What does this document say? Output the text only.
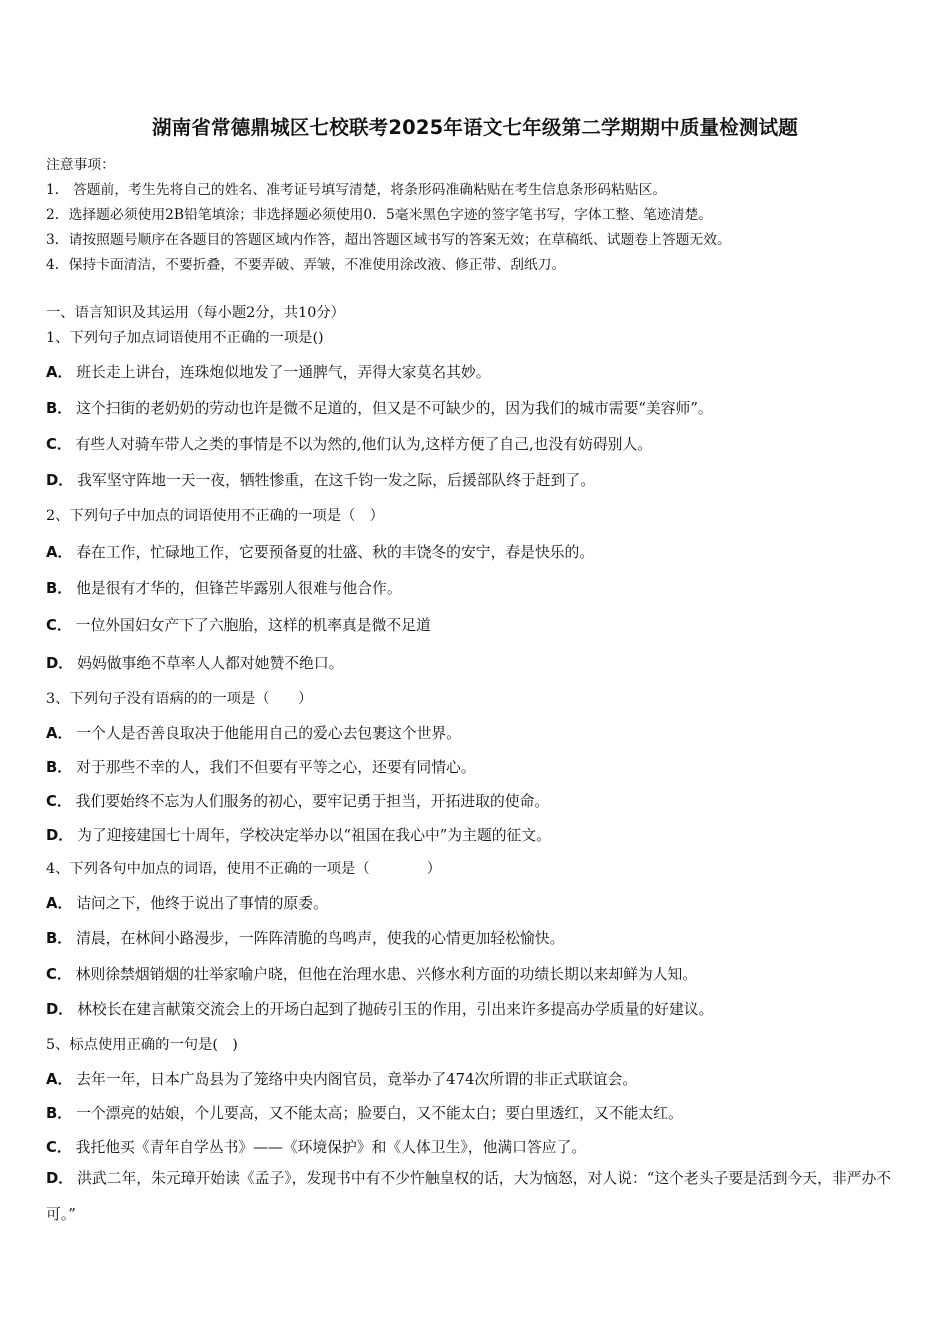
湖南省常德鼎城区七校联考2025年语文七年级第二学期期中质量检测试题
注意事项：
1． 答题前，考生先将自己的姓名、准考证号填写清楚，将条形码准确粘贴在考生信息条形码粘贴区。
2．选择题必须使用2B铅笔填涂；非选择题必须使用0．5毫米黑色字迹的签字笔书写，字体工整、笔迹清楚。
3．请按照题号顺序在各题目的答题区域内作答，超出答题区域书写的答案无效；在草稿纸、试题卷上答题无效。
4．保持卡面清洁，不要折叠，不要弄破、弄皱，不准使用涂改液、修正带、刮纸刀。
一、语言知识及其运用（每小题2分，共10分）
1、下列句子加点词语使用不正确的一项是()
A． 班长走上讲台，连珠炮似地发了一通脾气，弄得大家莫名其妙。
B． 这个扫街的老奶奶的劳动也许是微不足道的，但又是不可缺少的，因为我们的城市需要“美容师”。
C． 有些人对骑车带人之类的事情是不以为然的,他们认为,这样方便了自己,也没有妨碍别人。
D． 我军坚守阵地一天一夜，牺牲惨重，在这千钧一发之际，后援部队终于赶到了。
2、下列句子中加点的词语使用不正确的一项是（　）
A． 春在工作，忙碌地工作，它要预备夏的壮盛、秋的丰饶冬的安宁，春是快乐的。
B． 他是很有才华的，但锋芒毕露别人很难与他合作。
C． 一位外国妇女产下了六胞胎，这样的机率真是微不足道
D． 妈妈做事绝不草率人人都对她赞不绝口。
3、下列句子没有语病的的一项是（　　）
A． 一个人是否善良取决于他能用自己的爱心去包裹这个世界。
B． 对于那些不幸的人，我们不但要有平等之心，还要有同情心。
C． 我们要始终不忘为人们服务的初心，要牢记勇于担当，开拓进取的使命。
D． 为了迎接建国七十周年，学校决定举办以“祖国在我心中”为主题的征文。
4、下列各句中加点的词语，使用不正确的一项是（　　　　）
A． 诘问之下，他终于说出了事情的原委。
B． 清晨，在林间小路漫步，一阵阵清脆的鸟鸣声，使我的心情更加轻松愉快。
C． 林则徐禁烟销烟的壮举家喻户晓，但他在治理水患、兴修水利方面的功绩长期以来却鲜为人知。
D． 林校长在建言献策交流会上的开场白起到了抛砖引玉的作用，引出来许多提高办学质量的好建议。
5、标点使用正确的一句是(　)
A． 去年一年，日本广岛县为了笼络中央内阁官员，竟举办了474次所谓的非正式联谊会。
B． 一个漂亮的姑娘，个儿要高，又不能太高；脸要白，又不能太白；要白里透红，又不能太红。
C． 我托他买《青年自学丛书》——《环境保护》和《人体卫生》，他满口答应了。
D． 洪武二年，朱元璋开始读《孟子》，发现书中有不少忤触皇权的话，大为恼怒，对人说：“这个老头子要是活到今天，非严办不可。”
